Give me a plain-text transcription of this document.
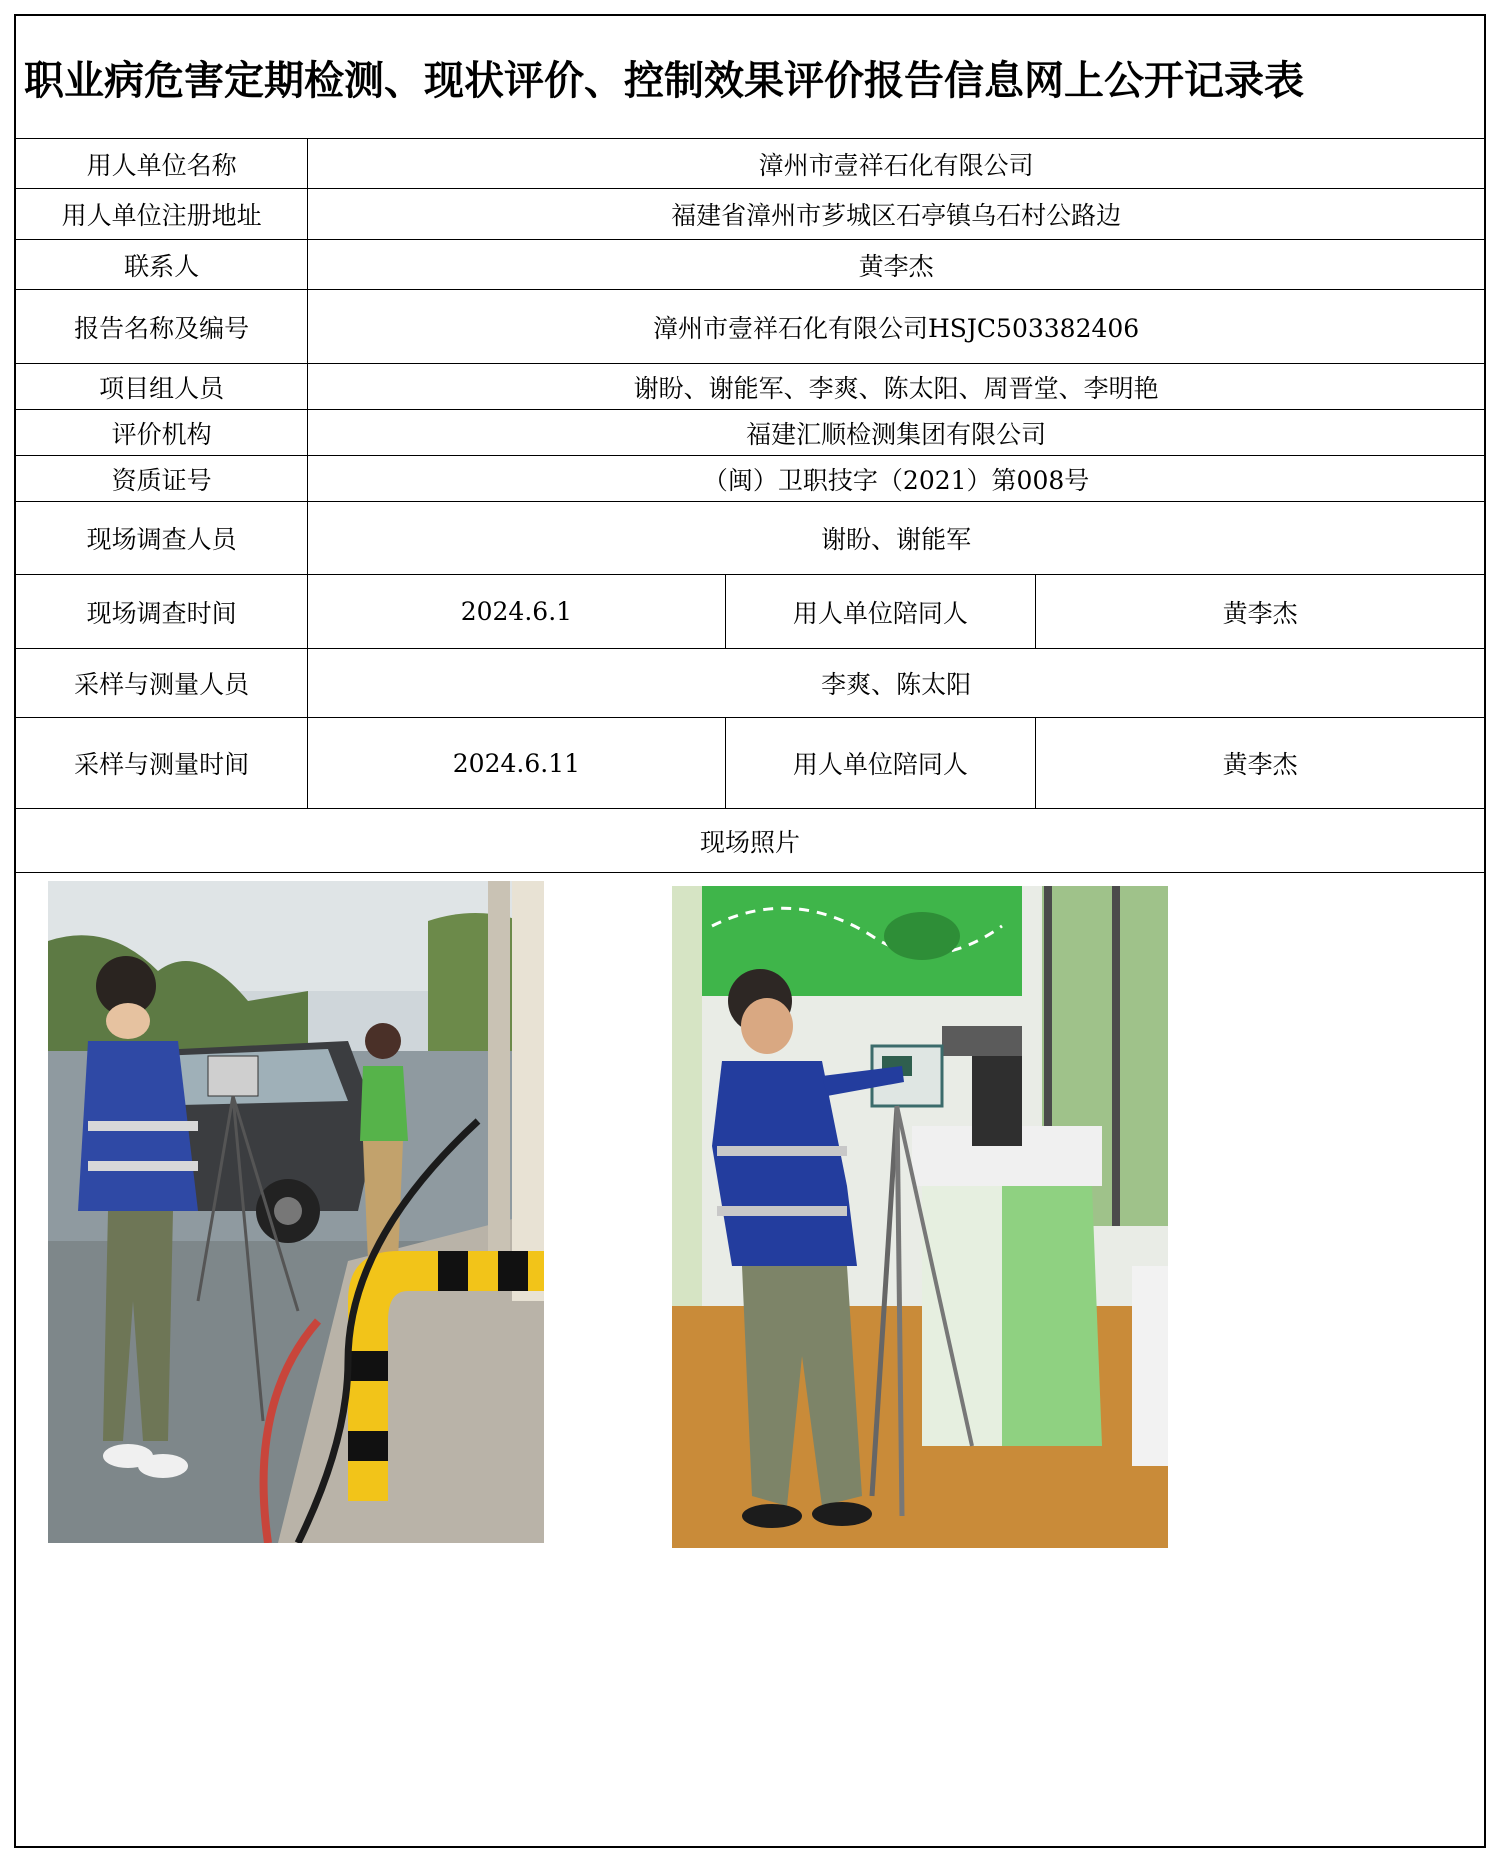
职业病危害定期检测、现状评价、控制效果评价报告信息网上公开记录表			
用人单位名称	漳州市壹祥石化有限公司		
用人单位注册地址	福建省漳州市芗城区石亭镇乌石村公路边		
联系人	黄李杰		
报告名称及编号	漳州市壹祥石化有限公司HSJC503382406		
项目组人员	谢盼、谢能军、李爽、陈太阳、周晋堂、李明艳		
评价机构	福建汇顺检测集团有限公司		
资质证号	（闽）卫职技字（2021）第008号		
现场调查人员	谢盼、谢能军		
现场调查时间	2024.6.1	用人单位陪同人	黄李杰
采样与测量人员	李爽、陈太阳		
采样与测量时间	2024.6.11	用人单位陪同人	黄李杰
现场照片			
